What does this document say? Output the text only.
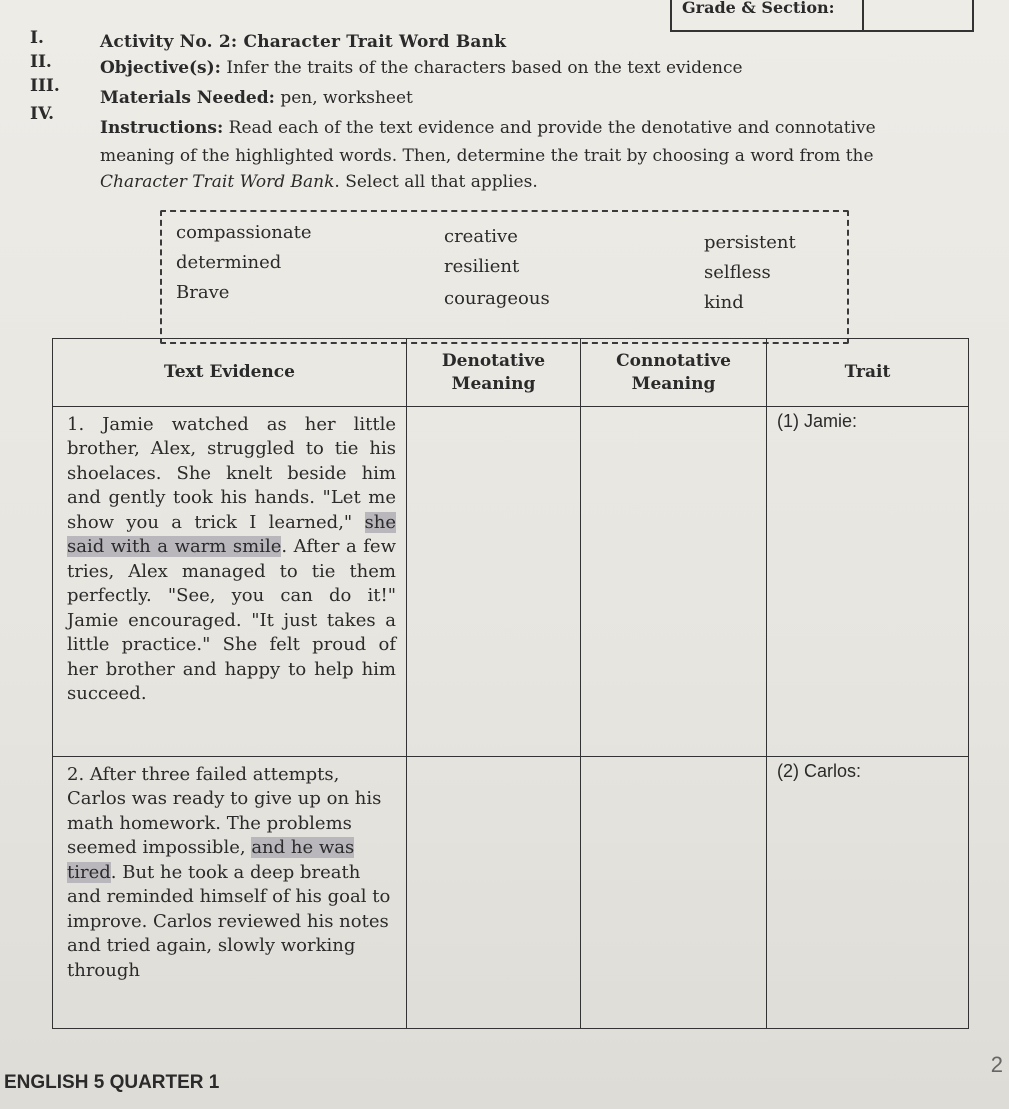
Grade & Section:
I.	Activity No. 2: Character Trait Word Bank
II.	Objective(s): Infer the traits of the characters based on the text evidence
III.
Materials Needed: pen, worksheet
IV.
Instructions: Read each of the text evidence and provide the denotative and connotative
meaning of the highlighted words. Then, determine the trait by choosing a word from the
Character Trait Word Bank. Select all that applies.
compassionate
determined
Brave
creative
resilient
courageous
persistent
selfless
kind
Text Evidence	Denotative Meaning	Connotative Meaning	Trait

1. Jamie watched as her little brother, Alex, struggled to tie his shoelaces. She knelt beside him and gently took his hands. "Let me show you a trick I learned," she said with a warm smile. After a few tries, Alex managed to tie them perfectly. "See, you can do it!" Jamie encouraged. "It just takes a little practice." She felt proud of her brother and happy to help him succeed.			(1) Jamie:

2. After three failed attempts, Carlos was ready to give up on his math homework. The problems seemed impossible, and he was tired. But he took a deep breath and reminded himself of his goal to improve. Carlos reviewed his notes and tried again, slowly working through			(2) Carlos:
2
ENGLISH 5 QUARTER 1
